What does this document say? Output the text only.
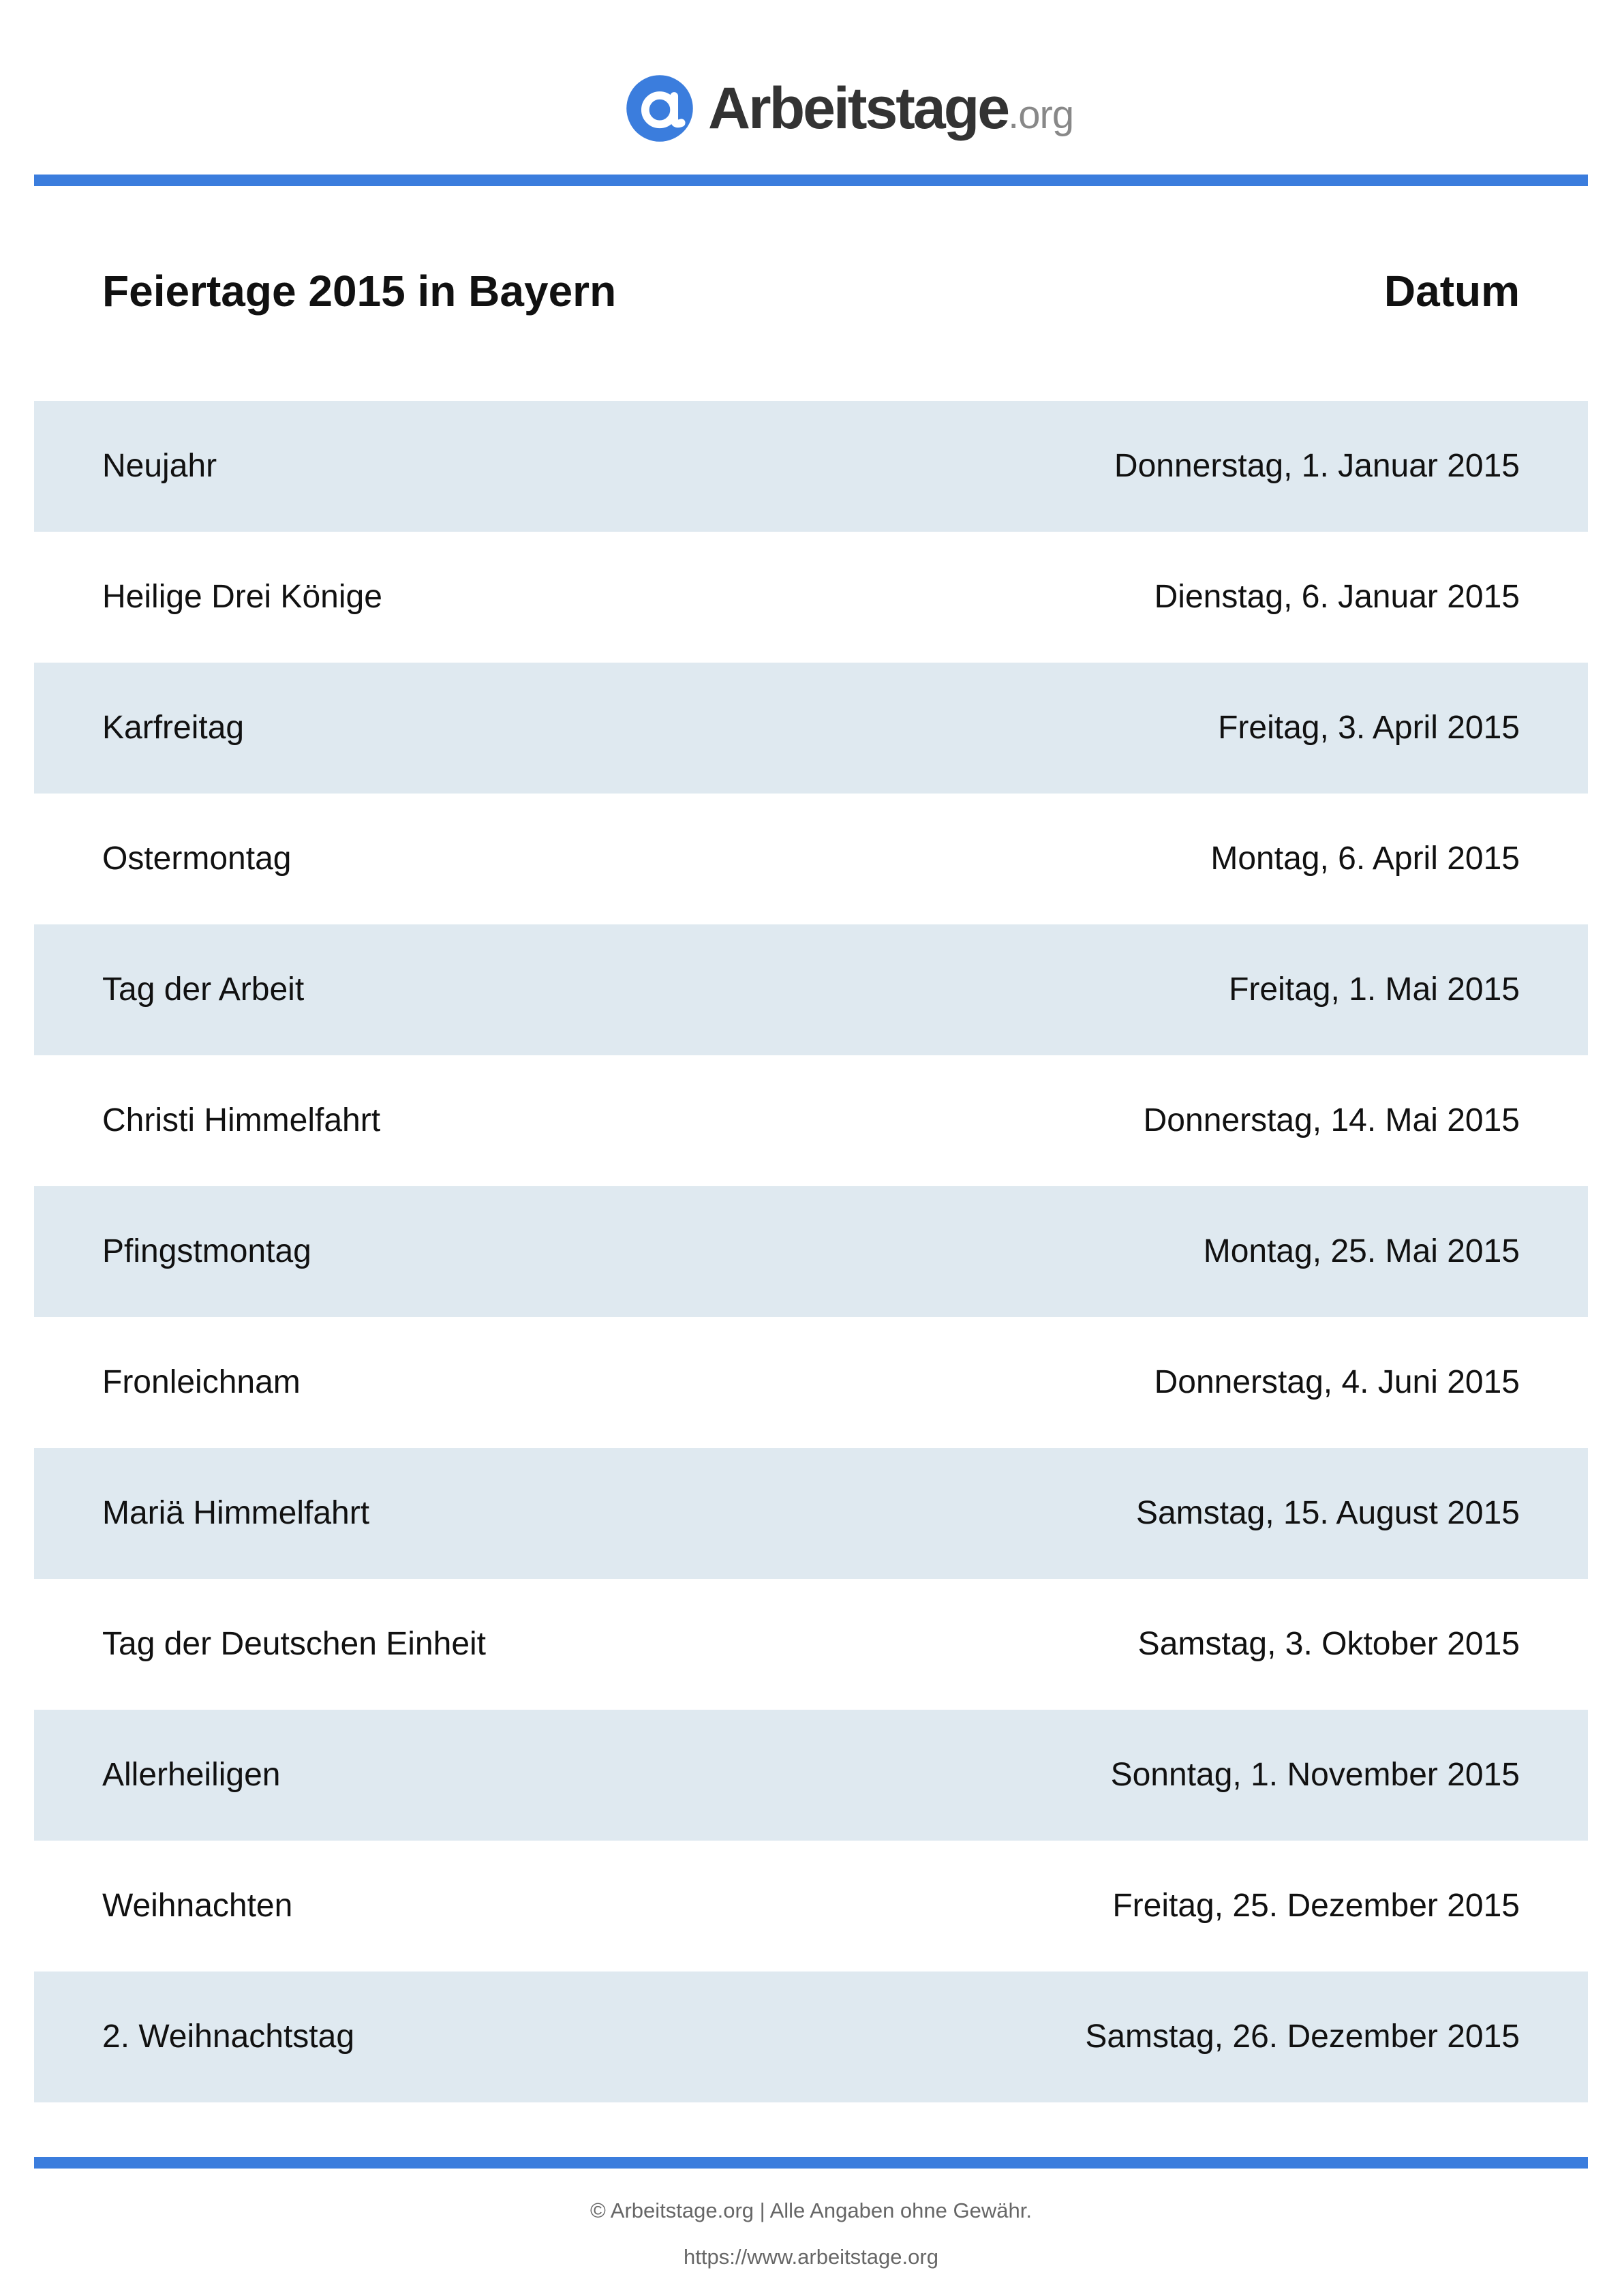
Arbeitstage .org
Feiertage 2015 in Bayern	Datum
Neujahr	Donnerstag, 1. Januar 2015
Heilige Drei Könige	Dienstag, 6. Januar 2015
Karfreitag	Freitag, 3. April 2015
Ostermontag	Montag, 6. April 2015
Tag der Arbeit	Freitag, 1. Mai 2015
Christi Himmelfahrt	Donnerstag, 14. Mai 2015
Pfingstmontag	Montag, 25. Mai 2015
Fronleichnam	Donnerstag, 4. Juni 2015
Mariä Himmelfahrt	Samstag, 15. August 2015
Tag der Deutschen Einheit	Samstag, 3. Oktober 2015
Allerheiligen	Sonntag, 1. November 2015
Weihnachten	Freitag, 25. Dezember 2015
2. Weihnachtstag	Samstag, 26. Dezember 2015
© Arbeitstage.org | Alle Angaben ohne Gewähr.
https://www.arbeitstage.org
